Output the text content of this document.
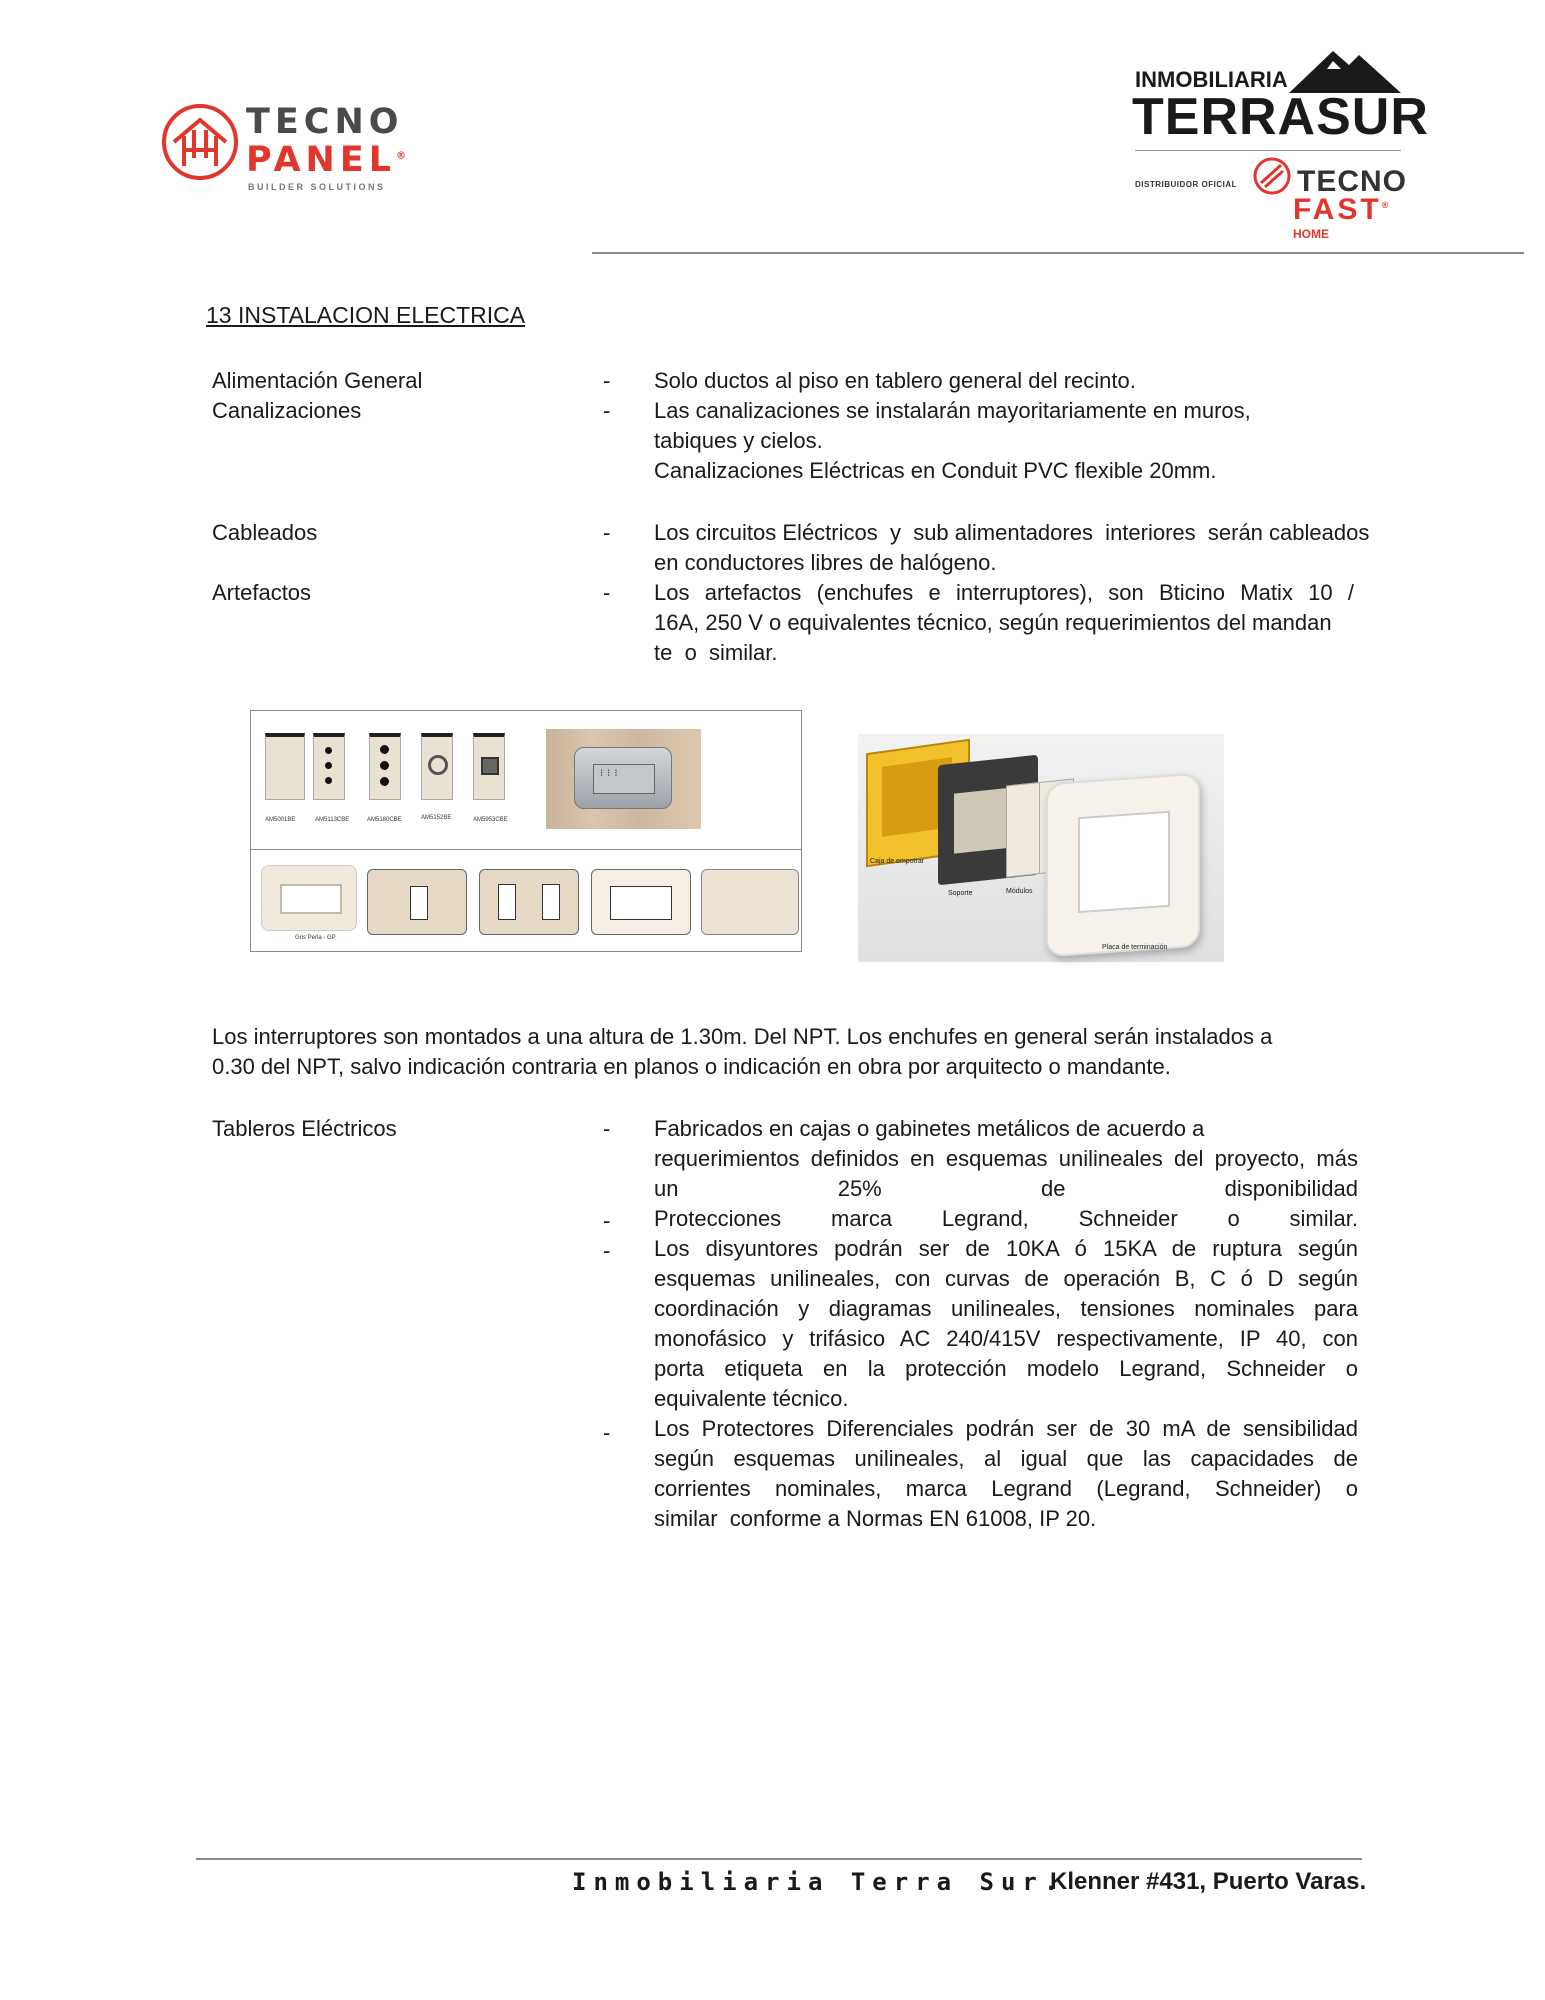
TECNO
PANEL®
BUILDER SOLUTIONS
INMOBILIARIA
TERRASUR
DISTRIBUIDOR OFICIAL TECNO
FAST®
HOME
13 INSTALACION ELECTRICA
Alimentación General	- Solo ductos al piso en tablero general del recinto.
Canalizaciones	- Las canalizaciones se instalarán mayoritariamente en muros,
tabiques y cielos.
Canalizaciones Eléctricas en Conduit PVC flexible 20mm.
Cableados	- Los circuitos Eléctricos  y  sub alimentadores  interiores  serán cableados
en conductores libres de halógeno.
Artefactos	- Los artefactos (enchufes e interruptores), son Bticino Matix 10 /
16A, 250 V o equivalentes técnico, según requerimientos del mandan
te  o  similar.
AM5001BE	AM5113CBE	AM5180CBE	AM5152BE	AM5953CBE
⁝⁝⁝
Gris Perla - GP
Caja de empotrar
Soporte	Módulos
Placa de terminación
Los interruptores son montados a una altura de 1.30m. Del NPT. Los enchufes en general serán instalados a
0.30 del NPT, salvo indicación contraria en planos o indicación en obra por arquitecto o mandante.
Tableros Eléctricos	- Fabricados en cajas o gabinetes metálicos de acuerdo a
requerimientos definidos en esquemas unilineales del proyecto, más
un 25% de disponibilidad
- Protecciones marca Legrand, Schneider o similar.
- Los disyuntores podrán ser de 10KA ó 15KA de ruptura según
esquemas unilineales, con curvas de operación B, C ó D según
coordinación y diagramas unilineales, tensiones nominales para
monofásico y trifásico AC 240/415V respectivamente, IP 40, con
porta etiqueta en la protección modelo Legrand, Schneider o
equivalente técnico.
- Los Protectores Diferenciales podrán ser de 30 mA de sensibilidad
según esquemas unilineales, al igual que las capacidades de
corrientes nominales, marca Legrand (Legrand, Schneider) o
similar  conforme a Normas EN 61008, IP 20.
Inmobiliaria Terra Sur.
Klenner #431, Puerto Varas.
